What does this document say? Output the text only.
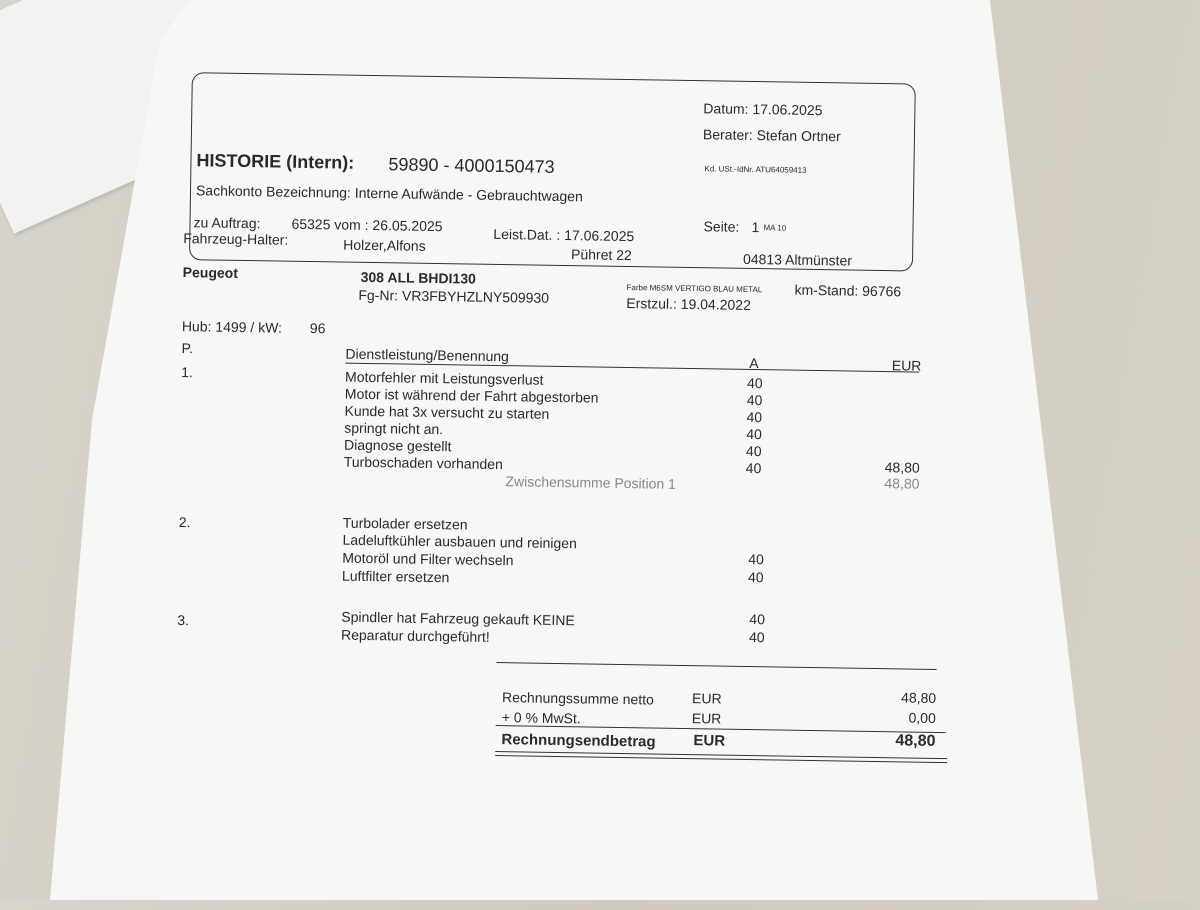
Datum: 17.06.2025
Berater: Stefan Ortner
HISTORIE (Intern): 59890 - 4000150473	Kd. USt.-IdNr. ATU64059413
Sachkonto Bezeichnung: Interne Aufwände - Gebrauchtwagen
zu Auftrag: 65325 vom : 26.05.2025
Leist.Dat. : 17.06.2025	Seite: 1 MA 10
Fahrzeug-Halter:	Holzer,Alfons
Pühret 22	04813 Altmünster
Peugeot	308 ALL BHDI130
Fg-Nr: VR3FBYHZLNY509930	Farbe M6SM VERTIGO BLAU METAL km-Stand: 96766
Erstzul.: 19.04.2022
Hub: 1499 / kW: 96
P.	Dienstleistung/Benennung	A	EUR
1.	Motorfehler mit Leistungsverlust	40
Motor ist während der Fahrt abgestorben	40
Kunde hat 3x versucht zu starten	40
springt nicht an.	40
Diagnose gestellt	40
Turboschaden vorhanden	40	48,80
Zwischensumme Position 1	48,80
2.	Turbolader ersetzen
Ladeluftkühler ausbauen und reinigen
Motoröl und Filter wechseln	40
Luftfilter ersetzen	40
3.	Spindler hat Fahrzeug gekauft KEINE	40
Reparatur durchgeführt!	40
Rechnungssumme netto	EUR	48,80
+ 0 % MwSt.	EUR	0,00
Rechnungsendbetrag	EUR	48,80
